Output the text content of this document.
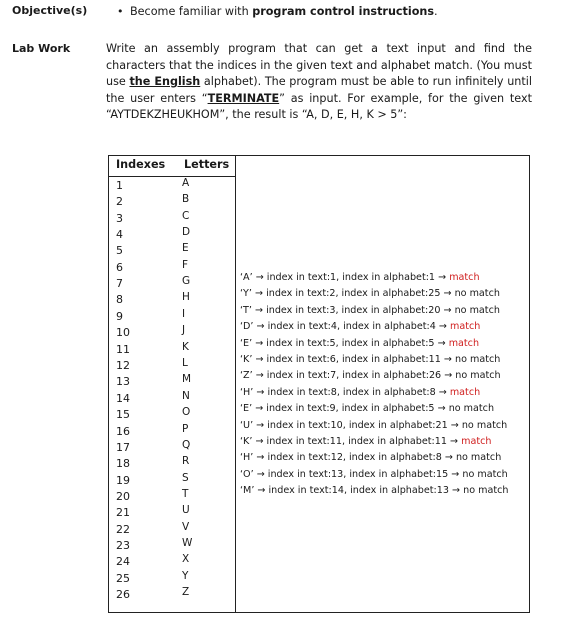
Objective(s)	• Become familiar with program control instructions.
Lab Work	Write an assembly program that can get a text input and find the characters that the indices in the given text and alphabet match. (You must use the English alphabet). The program must be able to run infinitely until the user enters “TERMINATE” as input. For example, for the given text “AYTDEKZHEUKHOM”, the result is “A, D, E, H, K > 5”:
Indexes Letters
1	A
2	B
3	C
4	D
5	E
6	F
7	G
8	H
9	I
10	J
11	K
12	L
13	M
14	N
15	O
16	P
17	Q
18	R
19	S
20	T
21	U
22	V
23	W
24	X
25	Y
26	Z
‘A’ → index in text:1, index in alphabet:1 → match
‘Y’ → index in text:2, index in alphabet:25 → no match
‘T’ → index in text:3, index in alphabet:20 → no match
‘D’ → index in text:4, index in alphabet:4 → match
‘E’ → index in text:5, index in alphabet:5 → match
‘K’ → index in text:6, index in alphabet:11 → no match
‘Z’ → index in text:7, index in alphabet:26 → no match
‘H’ → index in text:8, index in alphabet:8 → match
‘E’ → index in text:9, index in alphabet:5 → no match
‘U’ → index in text:10, index in alphabet:21 → no match
‘K’ → index in text:11, index in alphabet:11 → match
‘H’ → index in text:12, index in alphabet:8 → no match
‘O’ → index in text:13, index in alphabet:15 → no match
‘M’ → index in text:14, index in alphabet:13 → no match
